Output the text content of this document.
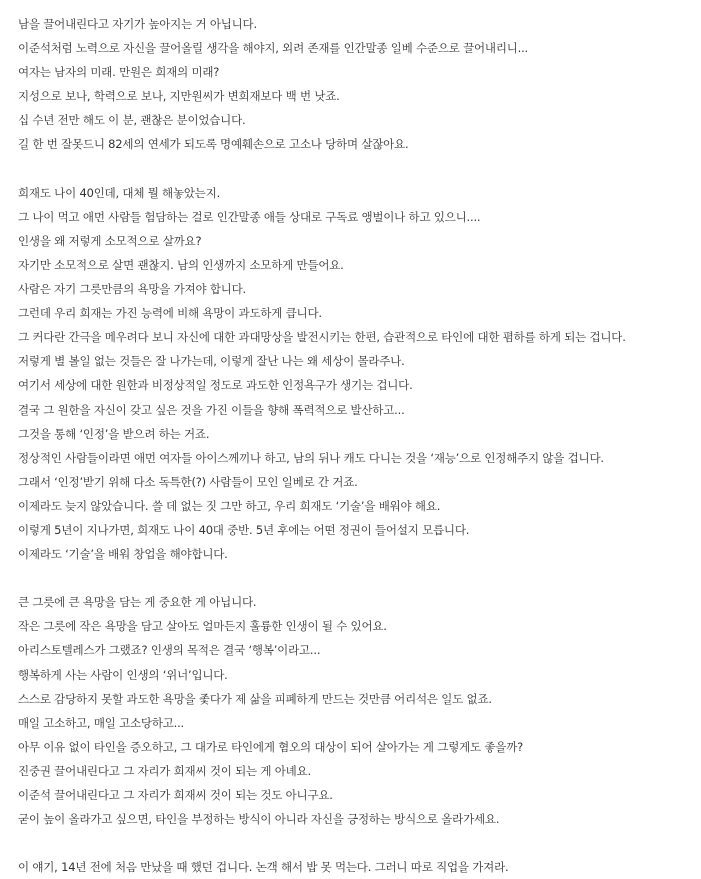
남을 끌어내린다고 자기가 높아지는 거 아닙니다.
이준석처럼 노력으로 자신을 끌어올릴 생각을 해야지, 외려 존재를 인간말종 일베 수준으로 끌어내리니...
여자는 남자의 미래. 만원은 희재의 미래?
지성으로 보나, 학력으로 보나, 지만원씨가 변희재보다 백 번 낫죠.
십 수년 전만 해도 이 분, 괜찮은 분이었습니다.
길 한 번 잘못드니 82세의 연세가 되도록 명예훼손으로 고소나 당하며 살잖아요.
희재도 나이 40인데, 대체 뭘 해놓았는지.
그 나이 먹고 애먼 사람들 험담하는 걸로 인간말종 애들 상대로 구독료 앵벌이나 하고 있으니....
인생을 왜 저렇게 소모적으로 살까요?
자기만 소모적으로 살면 괜찮지. 남의 인생까지 소모하게 만들어요.
사람은 자기 그릇만큼의 욕망을 가져야 합니다.
그런데 우리 희재는 가진 능력에 비해 욕망이 과도하게 큽니다.
그 커다란 간극을 메우려다 보니 자신에 대한 과대망상을 발전시키는 한편, 습관적으로 타인에 대한 폄하를 하게 되는 겁니다.
저렇게 별 볼일 없는 것들은 잘 나가는데, 이렇게 잘난 나는 왜 세상이 몰라주나.
여기서 세상에 대한 원한과 비정상적일 정도로 과도한 인정욕구가 생기는 겁니다.
결국 그 원한을 자신이 갖고 싶은 것을 가진 이들을 향해 폭력적으로 발산하고...
그것을 통해 ‘인정’을 받으려 하는 거죠.
정상적인 사람들이라면 애먼 여자들 아이스께끼나 하고, 남의 뒤나 캐도 다니는 것을 ‘재능’으로 인정해주지 않을 겁니다.
그래서 ‘인정’받기 위해 다소 독특한(?) 사람들이 모인 일베로 간 거죠.
이제라도 늦지 않았습니다. 쓸 데 없는 짓 그만 하고, 우리 희재도 ‘기술’을 배워야 해요.
이렇게 5년이 지나가면, 희재도 나이 40대 중반. 5년 후에는 어떤 정권이 들어설지 모릅니다.
이제라도 ‘기술’을 배워 창업을 해야합니다.
큰 그릇에 큰 욕망을 담는 게 중요한 게 아닙니다.
작은 그릇에 작은 욕망을 담고 살아도 얼마든지 훌륭한 인생이 될 수 있어요.
아리스토텔레스가 그랬죠? 인생의 목적은 결국 ‘행복’이라고...
행복하게 사는 사람이 인생의 ‘위너’입니다.
스스로 감당하지 못할 과도한 욕망을 좇다가 제 삶을 피폐하게 만드는 것만큼 어리석은 일도 없죠.
매일 고소하고, 매일 고소당하고...
아무 이유 없이 타인을 증오하고, 그 대가로 타인에게 혐오의 대상이 되어 살아가는 게 그렇게도 좋을까?
진중권 끌어내린다고 그 자리가 희재씨 것이 되는 게 아녜요.
이준석 끌어내린다고 그 자리가 희재씨 것이 되는 것도 아니구요.
굳이 높이 올라가고 싶으면, 타인을 부정하는 방식이 아니라 자신을 긍정하는 방식으로 올라가세요.
이 얘기, 14년 전에 처음 만났을 때 했던 겁니다. 논객 해서 밥 못 먹는다. 그러니 따로 직업을 가져라.
